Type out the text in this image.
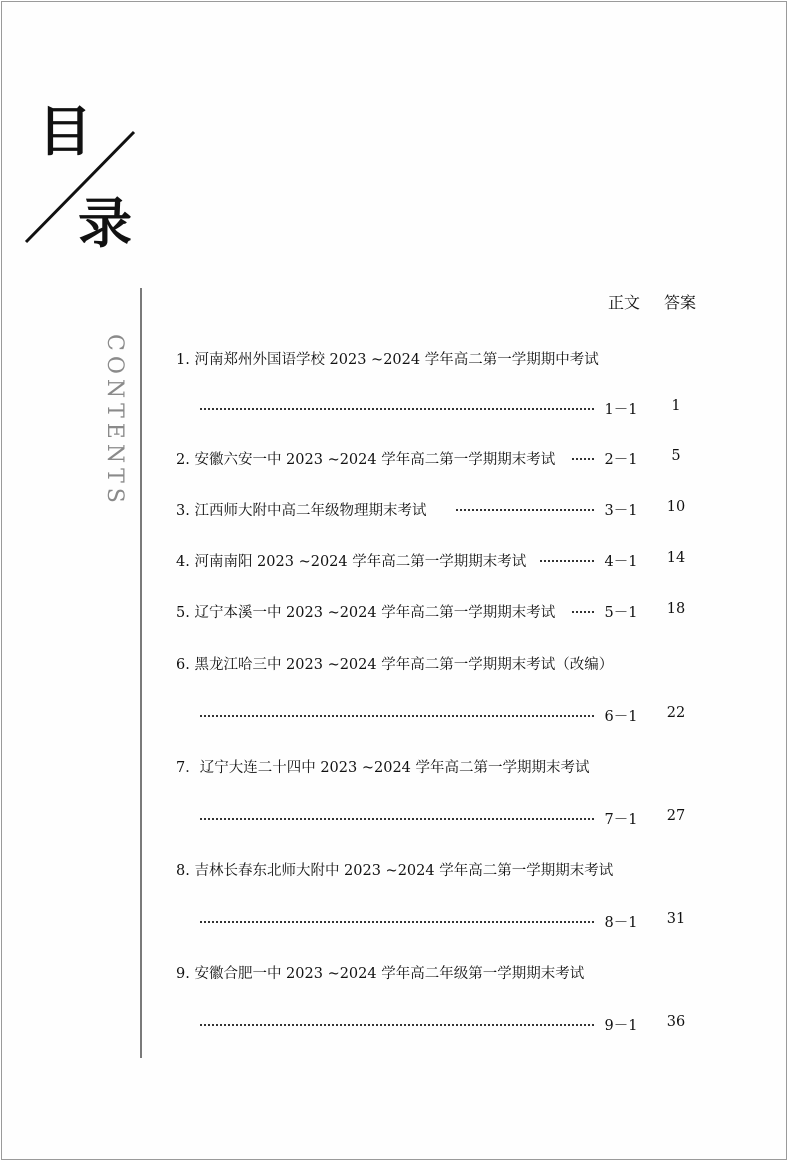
目
录
CONTENTS
正文 答案
1. 河南郑州外国语学校 2023 ~2024 学年高二第一学期期中考试
1－1	1
2. 安徽六安一中 2023 ~2024 学年高二第一学期期末考试	2－1	5
3. 江西师大附中高二年级物理期末考试	3－1	10
4. 河南南阳 2023 ~2024 学年高二第一学期期末考试	4－1	14
5. 辽宁本溪一中 2023 ~2024 学年高二第一学期期末考试	5－1	18
6. 黑龙江哈三中 2023 ~2024 学年高二第一学期期末考试（改编）
6－1	22
7．辽宁大连二十四中 2023 ~2024 学年高二第一学期期末考试
7－1	27
8. 吉林长春东北师大附中 2023 ~2024 学年高二第一学期期末考试
8－1	31
9. 安徽合肥一中 2023 ~2024 学年高二年级第一学期期末考试
9－1	36
